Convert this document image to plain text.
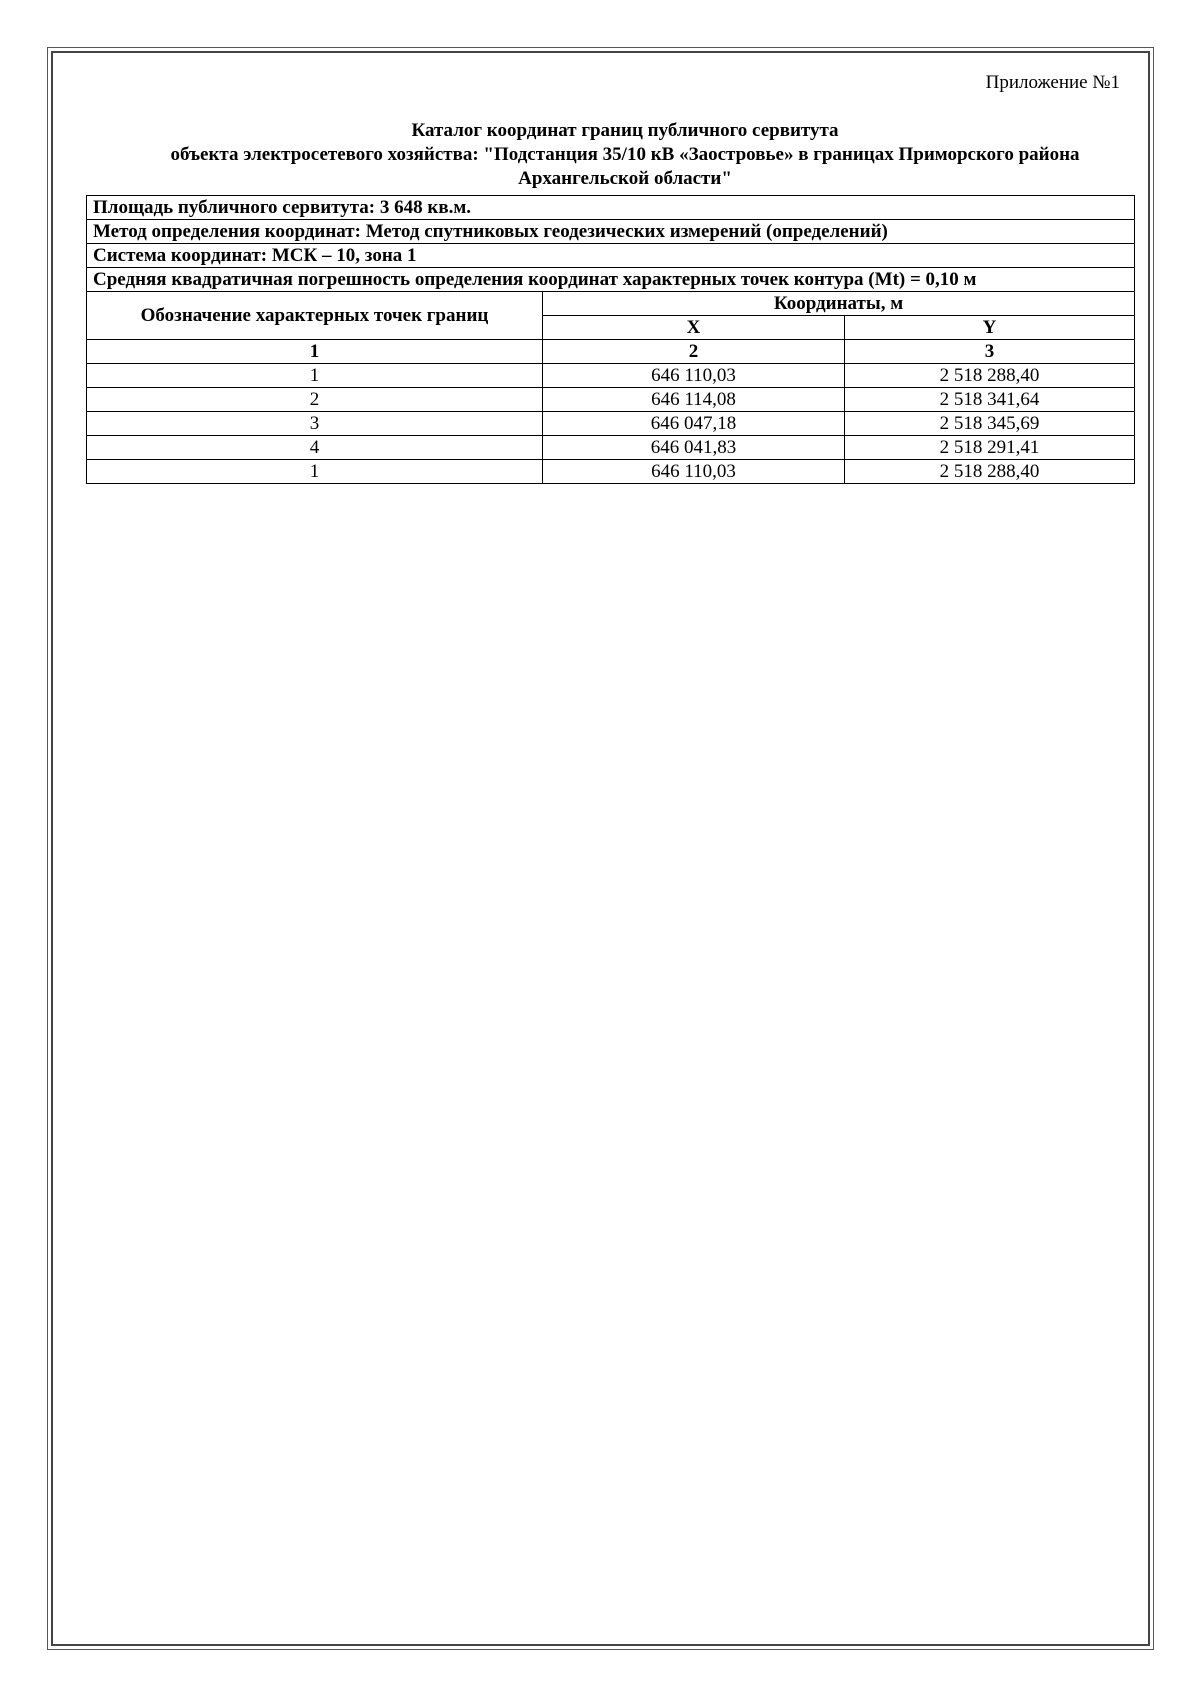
Приложение №1
Каталог координат границ публичного сервитута
объекта электросетевого хозяйства: "Подстанция 35/10 кВ «Заостровье» в границах Приморского района
Архангельской области"
Площадь публичного сервитута: 3 648 кв.м.		
Метод определения координат: Метод спутниковых геодезических измерений (определений)		
Система координат: МСК – 10, зона 1		
Средняя квадратичная погрешность определения координат характерных точек контура (Mt) = 0,10 м		
Обозначение характерных точек границ	Координаты, м	
	X	Y
1	2	3
1	646 110,03	2 518 288,40
2	646 114,08	2 518 341,64
3	646 047,18	2 518 345,69
4	646 041,83	2 518 291,41
1	646 110,03	2 518 288,40
